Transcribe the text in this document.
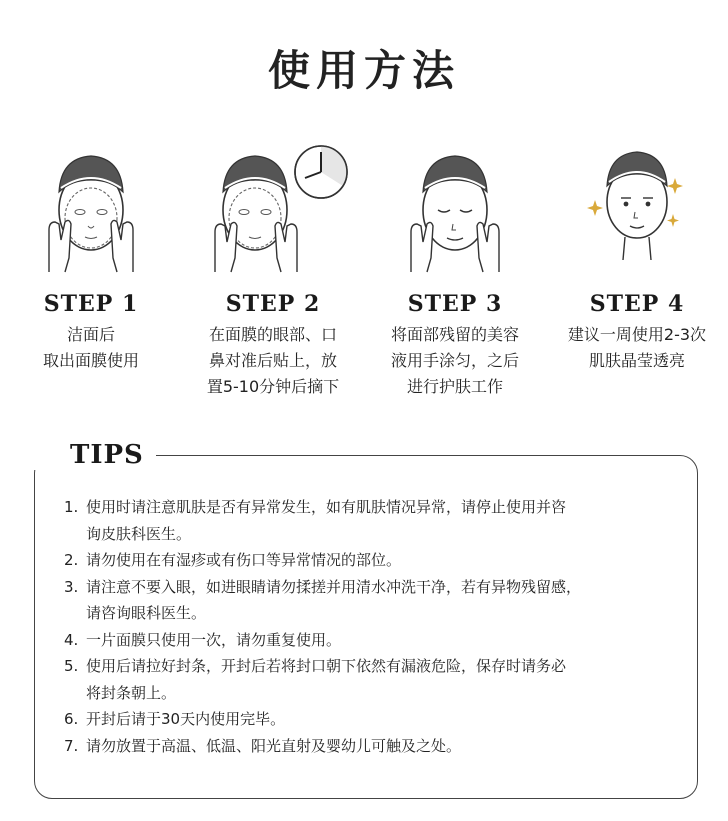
使用方法
STEP 1
洁面后
取出面膜使用
STEP 2
在面膜的眼部、口
鼻对准后贴上，放
置5-10分钟后摘下
STEP 3
将面部残留的美容
液用手涂匀，之后
进行护肤工作
STEP 4
建议一周使用2-3次
肌肤晶莹透亮
TIPS
1. 使用时请注意肌肤是否有异常发生，如有肌肤情况异常，请停止使用并咨
询皮肤科医生。
2. 请勿使用在有湿疹或有伤口等异常情况的部位。
3. 请注意不要入眼，如进眼睛请勿揉搓并用清水冲洗干净，若有异物残留感，
请咨询眼科医生。
4. 一片面膜只使用一次，请勿重复使用。
5. 使用后请拉好封条，开封后若将封口朝下依然有漏液危险，保存时请务必
将封条朝上。
6. 开封后请于30天内使用完毕。
7. 请勿放置于高温、低温、阳光直射及婴幼儿可触及之处。
